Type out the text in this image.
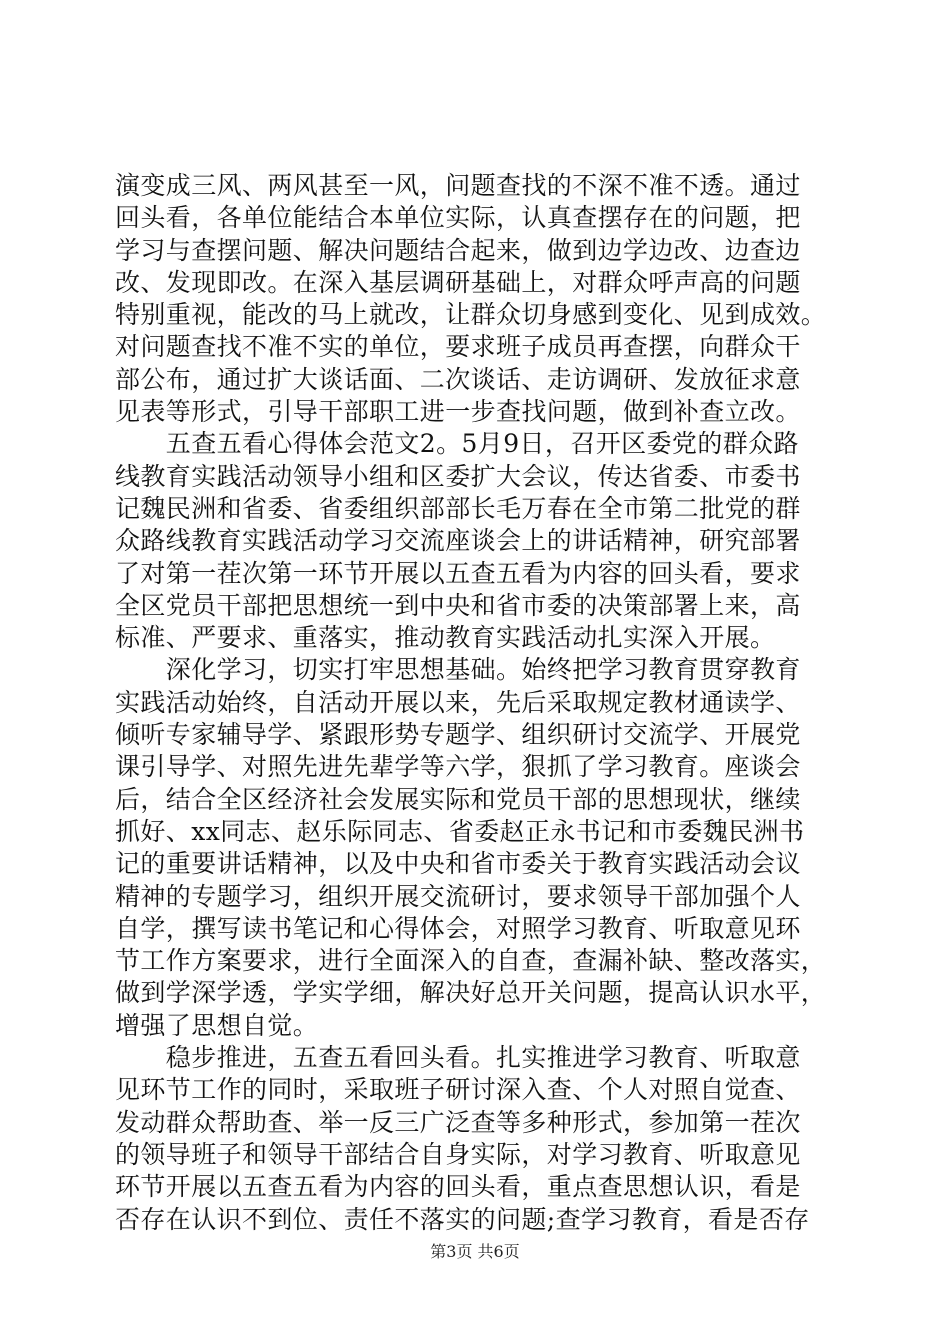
演变成三风、两风甚至一风，问题查找的不深不准不透。通过
回头看，各单位能结合本单位实际，认真查摆存在的问题，把
学习与查摆问题、解决问题结合起来，做到边学边改、边查边
改、发现即改。在深入基层调研基础上，对群众呼声高的问题
特别重视，能改的马上就改，让群众切身感到变化、见到成效。
对问题查找不准不实的单位，要求班子成员再查摆，向群众干
部公布，通过扩大谈话面、二次谈话、走访调研、发放征求意
见表等形式，引导干部职工进一步查找问题，做到补查立改。
　　五查五看心得体会范文2。5月9日，召开区委党的群众路
线教育实践活动领导小组和区委扩大会议，传达省委、市委书
记魏民洲和省委、省委组织部部长毛万春在全市第二批党的群
众路线教育实践活动学习交流座谈会上的讲话精神，研究部署
了对第一茬次第一环节开展以五查五看为内容的回头看，要求
全区党员干部把思想统一到中央和省市委的决策部署上来，高
标准、严要求、重落实，推动教育实践活动扎实深入开展。
　　深化学习，切实打牢思想基础。始终把学习教育贯穿教育
实践活动始终，自活动开展以来，先后采取规定教材通读学、
倾听专家辅导学、紧跟形势专题学、组织研讨交流学、开展党
课引导学、对照先进先辈学等六学，狠抓了学习教育。座谈会
后，结合全区经济社会发展实际和党员干部的思想现状，继续
抓好、xx同志、赵乐际同志、省委赵正永书记和市委魏民洲书
记的重要讲话精神，以及中央和省市委关于教育实践活动会议
精神的专题学习，组织开展交流研讨，要求领导干部加强个人
自学，撰写读书笔记和心得体会，对照学习教育、听取意见环
节工作方案要求，进行全面深入的自查，查漏补缺、整改落实，
做到学深学透，学实学细，解决好总开关问题，提高认识水平，
增强了思想自觉。
　　稳步推进，五查五看回头看。扎实推进学习教育、听取意
见环节工作的同时，采取班子研讨深入查、个人对照自觉查、
发动群众帮助查、举一反三广泛查等多种形式，参加第一茬次
的领导班子和领导干部结合自身实际，对学习教育、听取意见
环节开展以五查五看为内容的回头看，重点查思想认识，看是
否存在认识不到位、责任不落实的问题;查学习教育，看是否存
第3页 共6页
